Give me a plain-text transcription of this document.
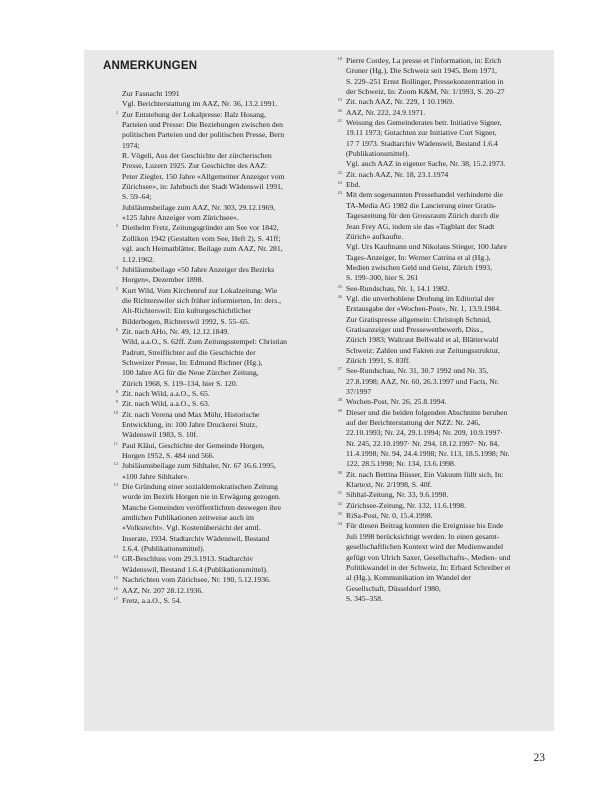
ANMERKUNGEN
Zur Fasnacht 1991
Vgl. Berichterstattung im AAZ, Nr. 36, 13.2.1991.
2 Zur Entstehung der Lokalpresse: Balz Hosang,
Parteien und Presse: Die Beziehungen zwischen den
politischen Parteien und der politischen Presse, Bern
1974;
R. Vögeli, Aus der Geschichte der zürcherischen
Presse, Luzern 1925. Zur Geschichte des AAZ:
Peter Ziegler, 150 Jahre «Allgemeiner Anzeiger vom
Zürichsee», in: Jahrbuch der Stadt Wädenswil 1991,
S. 59–64;
Jubiläumsbeilage zum AAZ, Nr. 303, 29.12.1969,
«125 Jahre Anzeiger vom Zürichsee».
3 Diethelm Fretz, Zeitungsgründer am See vor 1842,
Zollikon 1942 (Gestalten vom See, Heft 2), S. 41ff;
vgl. auch Heimatblätter, Beilage zum AAZ, Nr. 281,
1.12.1962.
4 Jubiläumsbeilage «50 Jahre Anzeiger des Bezirks
Horgen», Dezember 1898.
5 Kurt Wild, Vom Kirchenruf zur Lokalzeitung: Wie
die Richterswiler sich früher informierten, In: ders.,
Alt-Richterswil: Ein kulturgeschichtlicher
Bilderbogen, Richterswil 1992, S. 55–65.
6 Zit. nach AHo, Nr. 49, 12.12.1849.
Wild, a.a.O., S. 62ff. Zum Zeitungsstempel: Christian
Padrutt, Streiflichter auf die Geschichte der
Schweizer Presse, In: Edmund Richner (Hg.),
100 Jahre AG für die Neue Zürcher Zeitung,
Zürich 1968, S. 119–134, hier S. 120.
8 Zit. nach Wild, a.a.O., S. 65.
9 Zit. nach Wild, a.a.O., S. 63.
10 Zit. nach Verena und Max Möhr, Historische
Entwicklung, in: 100 Jahre Druckerei Stutz,
Wädenswil 1983, S. 10f.
11 Paul Kläui, Geschichte der Gemeinde Horgen,
Horgen 1952, S. 484 und 566.
12 Jubiläumsbeilage zum Sihltaler, Nr. 67 16.6.1995,
«100 Jahre Sihltaler».
13 Die Gründung einer sozialdemokratischen Zeitung
wurde im Bezirk Horgen nie in Erwägung gezogen.
Manche Gemeinden veröffentlichten deswegen ihre
amtlichen Publikationen zeitweise auch im
«Volksrecht». Vgl. Kostenübersicht der amtl.
Inserate, 1934. Stadtarchiv Wädenswil, Bestand
1.6.4. (Publikationsmittel).
14 GR-Beschluss vom 29.3.1913. Stadtarchiv
Wädenswil, Bestand 1.6.4 (Publikationsmittel).
15 Nachrichten vom Zürichsee, Nr. 190, 5.12.1936.
16 AAZ, Nr. 207 28.12.1936.
17 Fretz, a.a.O., S. 54.
18 Pierre Cordey, La presse et l'information, in: Erich
Gruner (Hg.), Die Schweiz seit 1945, Bern 1971,
S. 229–251 Ernst Bollinger, Pressekonzentration in
der Schweiz, In: Zoom K&M, Nr. 1/1993, S. 20–27
19 Zit. nach AAZ, Nr. 229, 1 10.1969.
20 AAZ, Nr. 222, 24.9.1971.
21 Weisung des Gemeinderates betr. Initiative Signer,
19.11 1973; Gutachten zur Initiative Curt Signer,
17 7 1973. Stadtarchiv Wädenswil, Bestand 1.6.4
(Publikationsmittel).
Vgl. auch AAZ in eigener Sache, Nr. 38, 15.2.1973.
22 Zit. nach AAZ, Nr. 18, 23.1.1974
23 Ebd.
24 Mit dem sogenannten Pressehandel verhinderte die
TA-Media AG 1982 die Lancierung einer Gratis-
Tageszeitung für den Grossraum Zürich durch die
Jean Frey AG, indem sie das «Tagblatt der Stadt
Zürich» aufkaufte.
Vgl. Urs Kaufmann und Nikolaus Stieger, 100 Jahre
Tages-Anzeiger, In: Werner Catrina et al (Hg.),
Medien zwischen Geld und Geist, Zürich 1993,
S. 199–300, hier S. 261
25 See-Rundschau, Nr. 1, 14.1 1982.
26 Vgl. die unverhohlene Drohung im Editorial der
Erstausgabe der «Wochen-Post», Nr. 1, 13.9.1984.
Zur Gratispresse allgemein: Christoph Schmid,
Gratisanzeiger und Pressewettbewerb, Diss.,
Zürich 1983; Waltraut Bellwald et al, Blätterwald
Schweiz: Zahlen und Fakten zur Zeitungsstruktur,
Zürich 1991, S. 83ff.
27 See-Rundschau, Nr. 31, 30.7 1992 und Nr. 35,
27.8.1998; AAZ, Nr. 60, 26.3.1997 und Facts, Nr.
37/1997
28 Wochen-Post, Nr. 26, 25.8.1994.
29 Dieser und die beiden folgenden Abschnitte beruhen
auf der Berichterstattung der NZZ: Nr. 246,
22.10.1993; Nr. 24, 29.1.1994; Nr. 209, 10.9.1997·
Nr. 245, 22.10.1997· Nr. 294, 18.12.1997· Nr. 84,
11.4.1998; Nr. 94, 24.4.1998; Nr. 113, 18.5.1998; Nr.
122, 28.5.1998; Nr. 134, 13.6.1998.
30 Zit. nach Bettina Büsser, Ein Vakuum füllt sich, In:
Klartext, Nr. 2/1998, S. 40f.
31 Sihltal-Zeitung, Nr. 33, 9.6.1998.
32 Zürichsee-Zeitung, Nr. 132, 11.6.1998.
33 RiSa-Post, Nr. 0, 15.4.1998.
34 Für diesen Beitrag konnten die Ereignisse bis Ende
Juli 1998 berücksichtigt werden. In einen gesamt-
gesellschaftlichen Kontext wird der Medienwandel
gefügt von Ulrich Saxer, Gesellschafts-, Medien- und
Politikwandel in der Schweiz, In: Erhard Schreiber et
al (Hg.), Kommunikation im Wandel der
Gesellschaft, Düsseldorf 1980,
S. 345–358.
23
